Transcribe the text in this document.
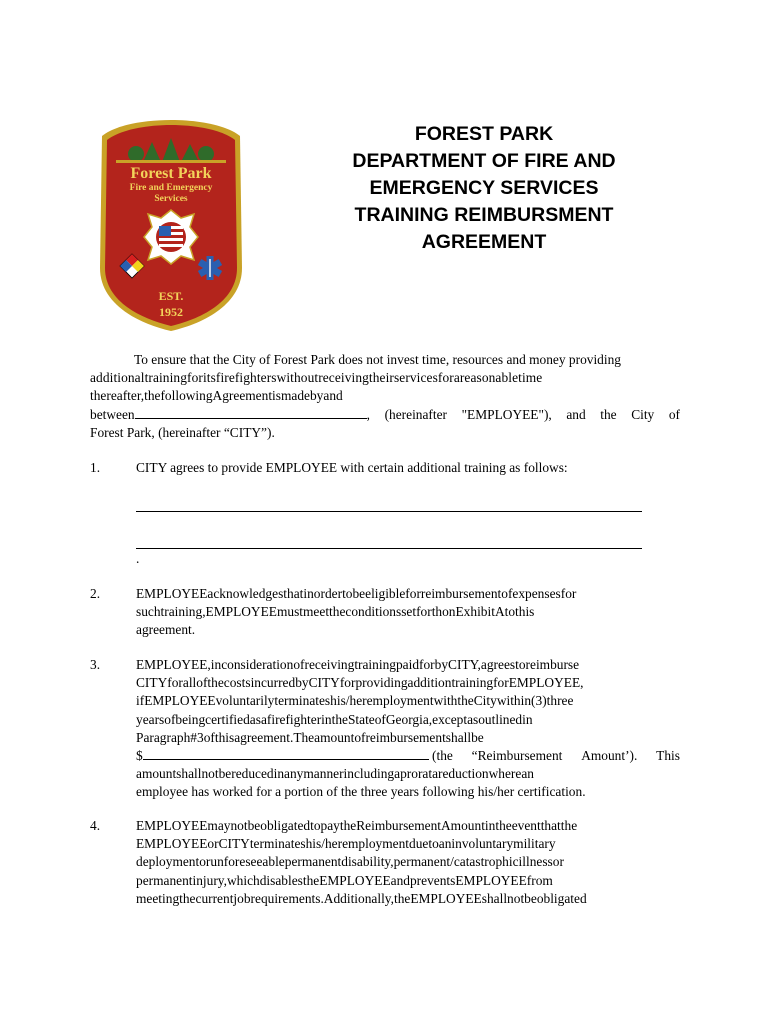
Forest Park
Fire and Emergency
Services
EST.
1952
FOREST PARK
DEPARTMENT OF FIRE AND
EMERGENCY SERVICES
TRAINING REIMBURSMENT
AGREEMENT
To ensure that the City of Forest Park does not invest time, resources and money providing
additionaltrainingforitsfirefighterswithoutreceivingtheirservicesforareasonabletime
thereafter,thefollowingAgreementismadebyand
between	, (hereinafter "EMPLOYEE"), and the City of
Forest Park, (hereinafter “CITY”).
1.	CITY agrees to provide EMPLOYEE with certain additional training as follows:
.
2.	EMPLOYEEacknowledgesthatinordertobeeligibleforreimbursementofexpensesfor
suchtraining,EMPLOYEEmustmeettheconditionssetforthonExhibitAtothis
agreement.
3.	EMPLOYEE,inconsiderationofreceivingtrainingpaidforbyCITY,agreestoreimburse
CITYforallofthecostsincurredbyCITYforprovidingadditiontrainingforEMPLOYEE,
ifEMPLOYEEvoluntarilyterminateshis/heremploymentwiththeCitywithin(3)three
yearsofbeingcertifiedasafirefighterintheStateofGeorgia,exceptasoutlinedin
Paragraph#3ofthisagreement.Theamountofreimbursementshallbe
$	(the “Reimbursement Amount’). This
amountshallnotbereducedinanymannerincludingaproratareductionwherean
employee has worked for a portion of the three years following his/her certification.
4.	EMPLOYEEmaynotbeobligatedtopaytheReimbursementAmountintheeventthatthe
EMPLOYEEorCITYterminateshis/heremploymentduetoaninvoluntarymilitary
deploymentorunforeseeablepermanentdisability,permanent/catastrophicillnessor
permanentinjury,whichdisablestheEMPLOYEEandpreventsEMPLOYEEfrom
meetingthecurrentjobrequirements.Additionally,theEMPLOYEEshallnotbeobligated
